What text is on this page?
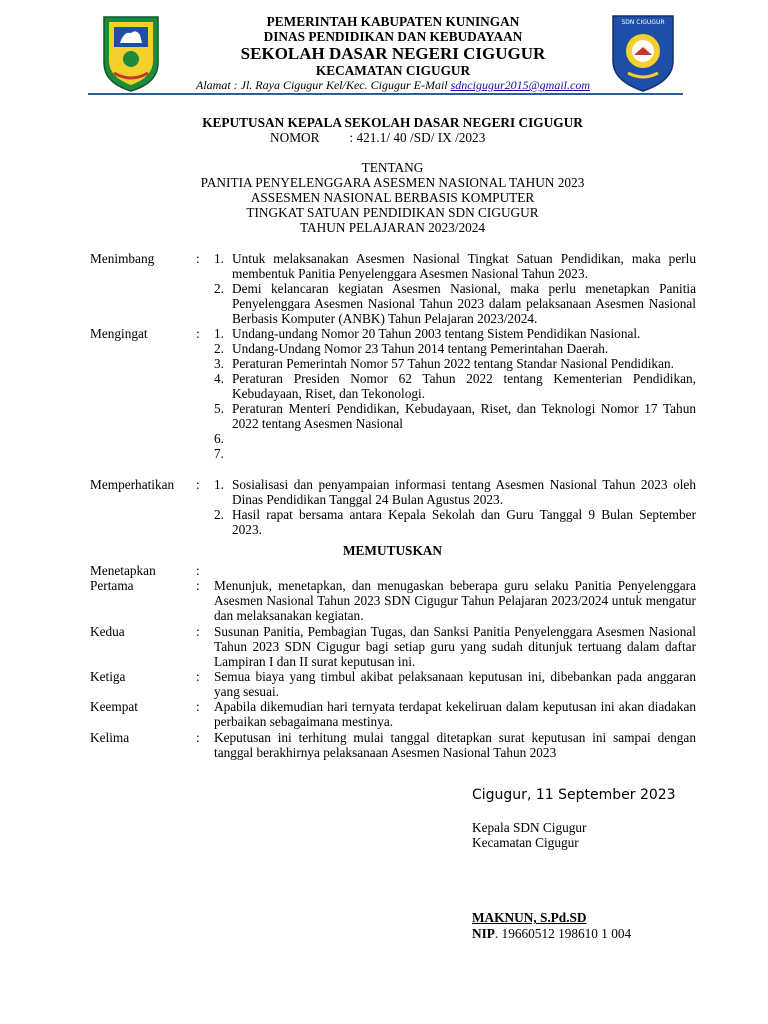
PEMERINTAH KABUPATEN KUNINGAN
DINAS PENDIDIKAN DAN KEBUDAYAAN
SEKOLAH DASAR NEGERI CIGUGUR
KECAMATAN CIGUGUR
Alamat : Jl. Raya Cigugur Kel/Kec. Cigugur E-Mail sdncigugur2015@gmail.com
SDN CIGUGUR
KEPUTUSAN KEPALA SEKOLAH DASAR NEGERI CIGUGUR
NOMOR : 421.1/ 40 /SD/ IX /2023
TENTANG
PANITIA PENYELENGGARA ASESMEN NASIONAL TAHUN 2023
ASSESMEN NASIONAL BERBASIS KOMPUTER
TINGKAT SATUAN PENDIDIKAN SDN CIGUGUR
TAHUN PELAJARAN 2023/2024
Menimbang	: 1. Untuk melaksanakan Asesmen Nasional Tingkat Satuan Pendidikan, maka perlu membentuk Panitia Penyelenggara Asesmen Nasional Tahun 2023.
2. Demi kelancaran kegiatan Asesmen Nasional, maka perlu menetapkan Panitia Penyelenggara Asesmen Nasional Tahun 2023 dalam pelaksanaan Asesmen Nasional Berbasis Komputer (ANBK) Tahun Pelajaran 2023/2024.
Mengingat	: 1. Undang-undang Nomor 20 Tahun 2003 tentang Sistem Pendidikan Nasional.
2. Undang-Undang Nomor 23 Tahun 2014 tentang Pemerintahan Daerah.
3. Peraturan Pemerintah Nomor 57 Tahun 2022 tentang Standar Nasional Pendidikan.
4. Peraturan Presiden Nomor 62 Tahun 2022 tentang Kementerian Pendidikan, Kebudayaan, Riset, dan Tekonologi.
5. Peraturan Menteri Pendidikan, Kebudayaan, Riset, dan Teknologi Nomor 17 Tahun 2022 tentang Asesmen Nasional
6.

7.

Memperhatikan	: 1. Sosialisasi dan penyampaian informasi tentang Asesmen Nasional Tahun 2023 oleh Dinas Pendidikan Tanggal 24 Bulan Agustus 2023.
2. Hasil rapat bersama antara Kepala Sekolah dan Guru Tanggal 9 Bulan September 2023.
MEMUTUSKAN
Menetapkan	:
Pertama	: Menunjuk, menetapkan, dan menugaskan beberapa guru selaku Panitia Penyelenggara Asesmen Nasional Tahun 2023 SDN Cigugur Tahun Pelajaran 2023/2024 untuk mengatur dan melaksanakan kegiatan.
Kedua	: Susunan Panitia, Pembagian Tugas, dan Sanksi Panitia Penyelenggara Asesmen Nasional Tahun 2023 SDN Cigugur bagi setiap guru yang sudah ditunjuk tertuang dalam daftar Lampiran I dan II surat keputusan ini.
Ketiga	: Semua biaya yang timbul akibat pelaksanaan keputusan ini, dibebankan pada anggaran yang sesuai.
Keempat	: Apabila dikemudian hari ternyata terdapat kekeliruan dalam keputusan ini akan diadakan perbaikan sebagaimana mestinya.
Kelima	: Keputusan ini terhitung mulai tanggal ditetapkan surat keputusan ini sampai dengan tanggal berakhirnya pelaksanaan Asesmen Nasional Tahun 2023
Cigugur, 11 September 2023
Kepala SDN Cigugur
Kecamatan Cigugur
MAKNUN, S.Pd.SD
NIP. 19660512 198610 1 004
